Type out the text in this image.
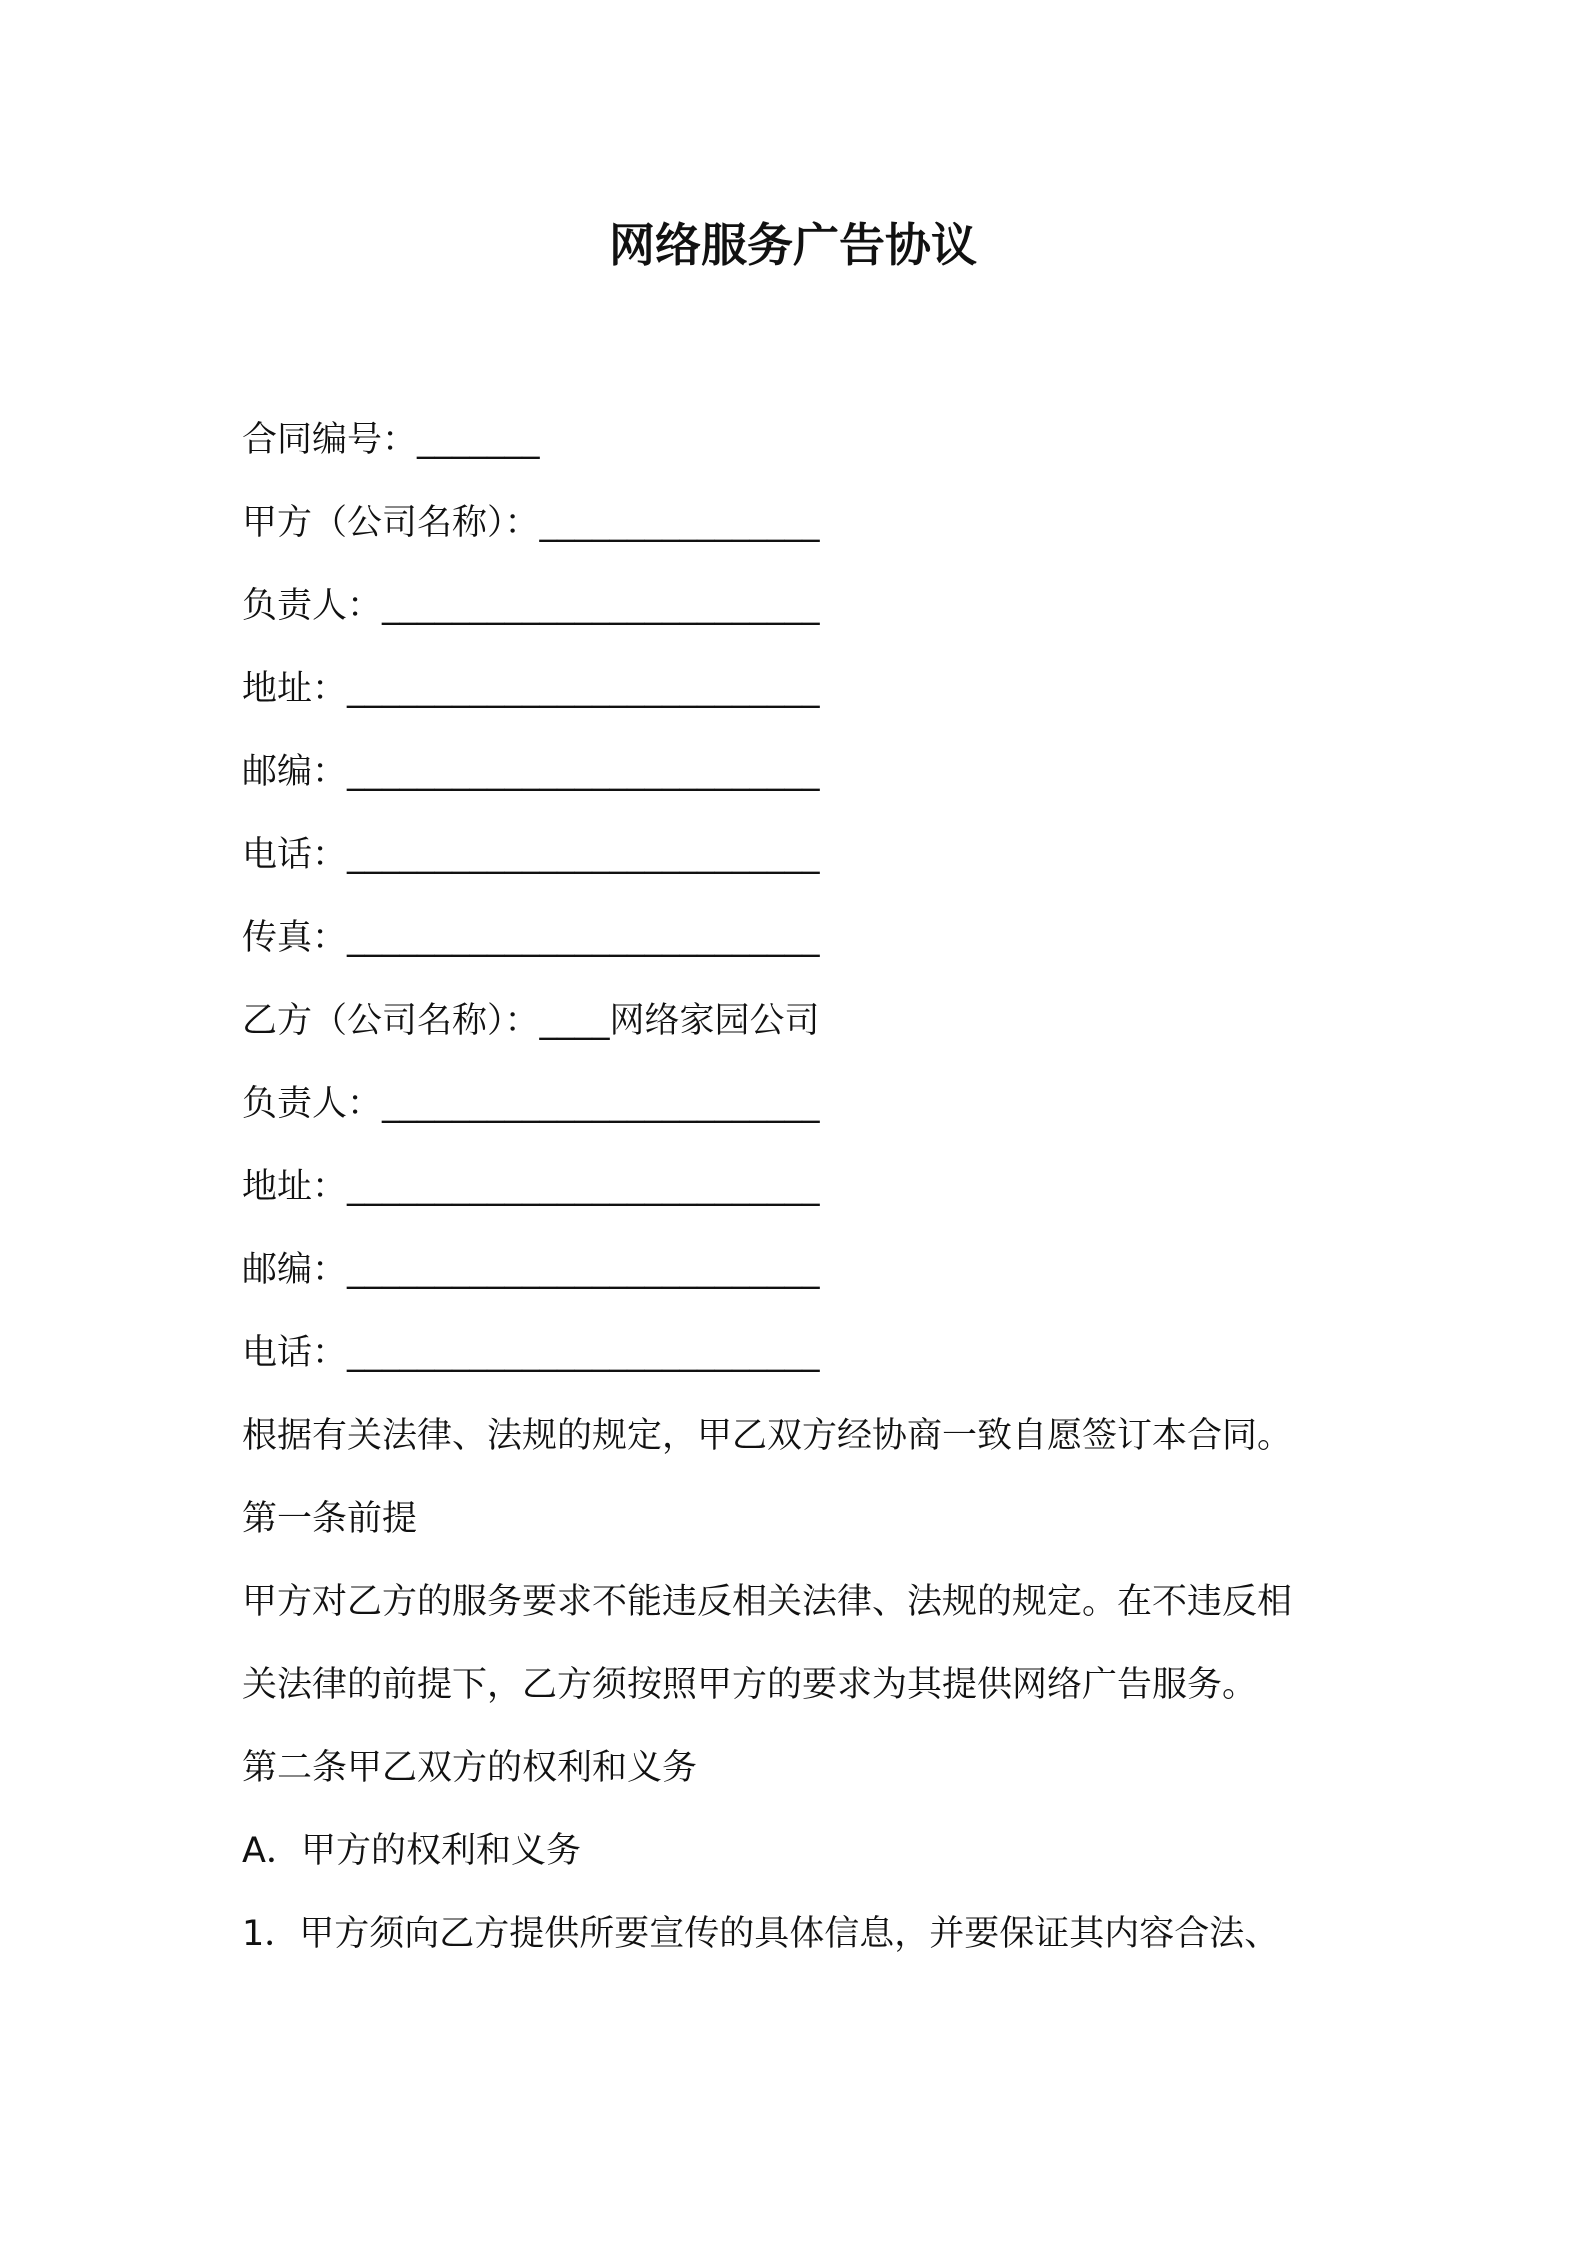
网络服务广告协议
合同编号：_______
甲方（公司名称）：________________
负责人：_________________________
地址：___________________________
邮编：___________________________
电话：___________________________
传真：___________________________
乙方（公司名称）：____网络家园公司
负责人：_________________________
地址：___________________________
邮编：___________________________
电话：___________________________
根据有关法律、法规的规定，甲乙双方经协商一致自愿签订本合同。
第一条前提
甲方对乙方的服务要求不能违反相关法律、法规的规定。在不违反相
关法律的前提下，乙方须按照甲方的要求为其提供网络广告服务。
第二条甲乙双方的权利和义务
A．甲方的权利和义务
1．甲方须向乙方提供所要宣传的具体信息，并要保证其内容合法、
